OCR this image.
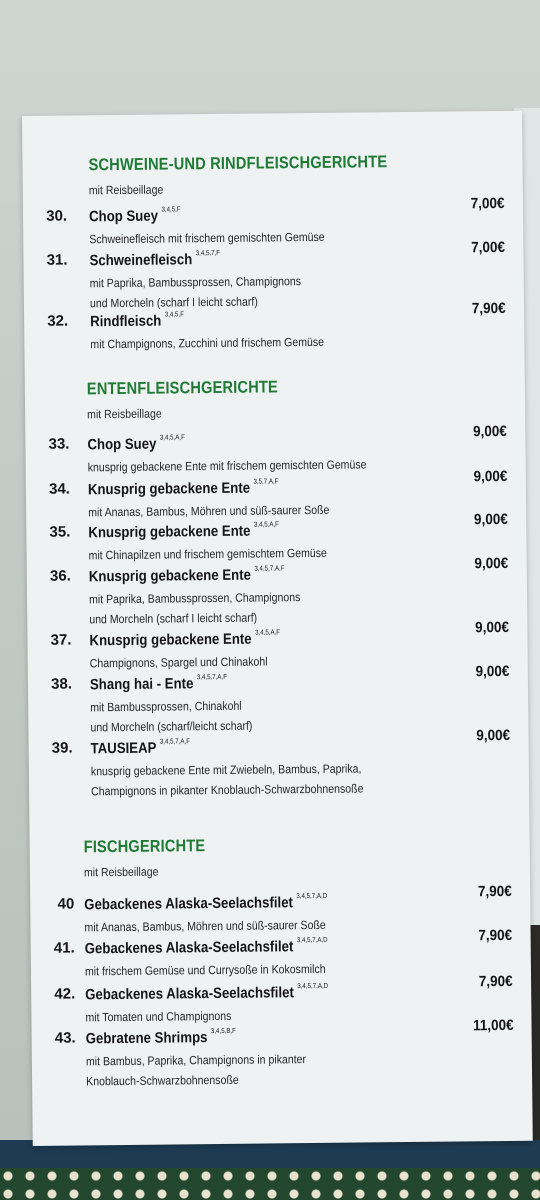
SCHWEINE-UND RINDFLEISCHGERICHTE
mit Reisbeillage
30. Chop Suey $^{3,4,5,F}$	7,00€
Schweinefleisch mit frischem gemischten Gemüse
31. Schweinefleisch $^{3,4,5,7,F}$	7,00€
mit Paprika, Bambussprossen, Champignons
und Morcheln (scharf I leicht scharf)
32. Rindfleisch $^{3,4,5,F}$	7,90€
mit Champignons, Zucchini und frischem Gemüse
ENTENFLEISCHGERICHTE
mit Reisbeillage
33. Chop Suey $^{3,4,5,A,F}$	9,00€
knusprig gebackene Ente mit frischem gemischten Gemüse
34. Knusprig gebackene Ente $^{3,5,7,A,F}$	9,00€
mit Ananas, Bambus, Möhren und süß-saurer Soße
35. Knusprig gebackene Ente $^{3,4,5,A,F}$	9,00€
mit Chinapilzen und frischem gemischtem Gemüse
36. Knusprig gebackene Ente $^{3,4,5,7,A,F}$	9,00€
mit Paprika, Bambussprossen, Champignons
und Morcheln (scharf I leicht scharf)
37. Knusprig gebackene Ente $^{3,4,5,A,F}$	9,00€
Champignons, Spargel und Chinakohl
38. Shang hai - Ente $^{3,4,5,7,A,F}$	9,00€
mit Bambussprossen, Chinakohl
und Morcheln (scharf/leicht scharf)
39. TAUSIEAP $^{3,4,5,7,A,F}$	9,00€
knusprig gebackene Ente mit Zwiebeln, Bambus, Paprika,
Champignons in pikanter Knoblauch-Schwarzbohnensoße
FISCHGERICHTE
mit Reisbeillage
40 Gebackenes Alaska-Seelachsfilet $^{3,4,5,7,A,D}$	7,90€
mit Ananas, Bambus, Möhren und süß-saurer Soße
41. Gebackenes Alaska-Seelachsfilet $^{3,4,5,7,A,D}$	7,90€
mit frischem Gemüse und Currysoße in Kokosmilch
42. Gebackenes Alaska-Seelachsfilet $^{3,4,5,7,A,D}$	7,90€
mit Tomaten und Champignons
43. Gebratene Shrimps $^{3,4,5,B,F}$	11,00€
mit Bambus, Paprika, Champignons in pikanter
Knoblauch-Schwarzbohnensoße
